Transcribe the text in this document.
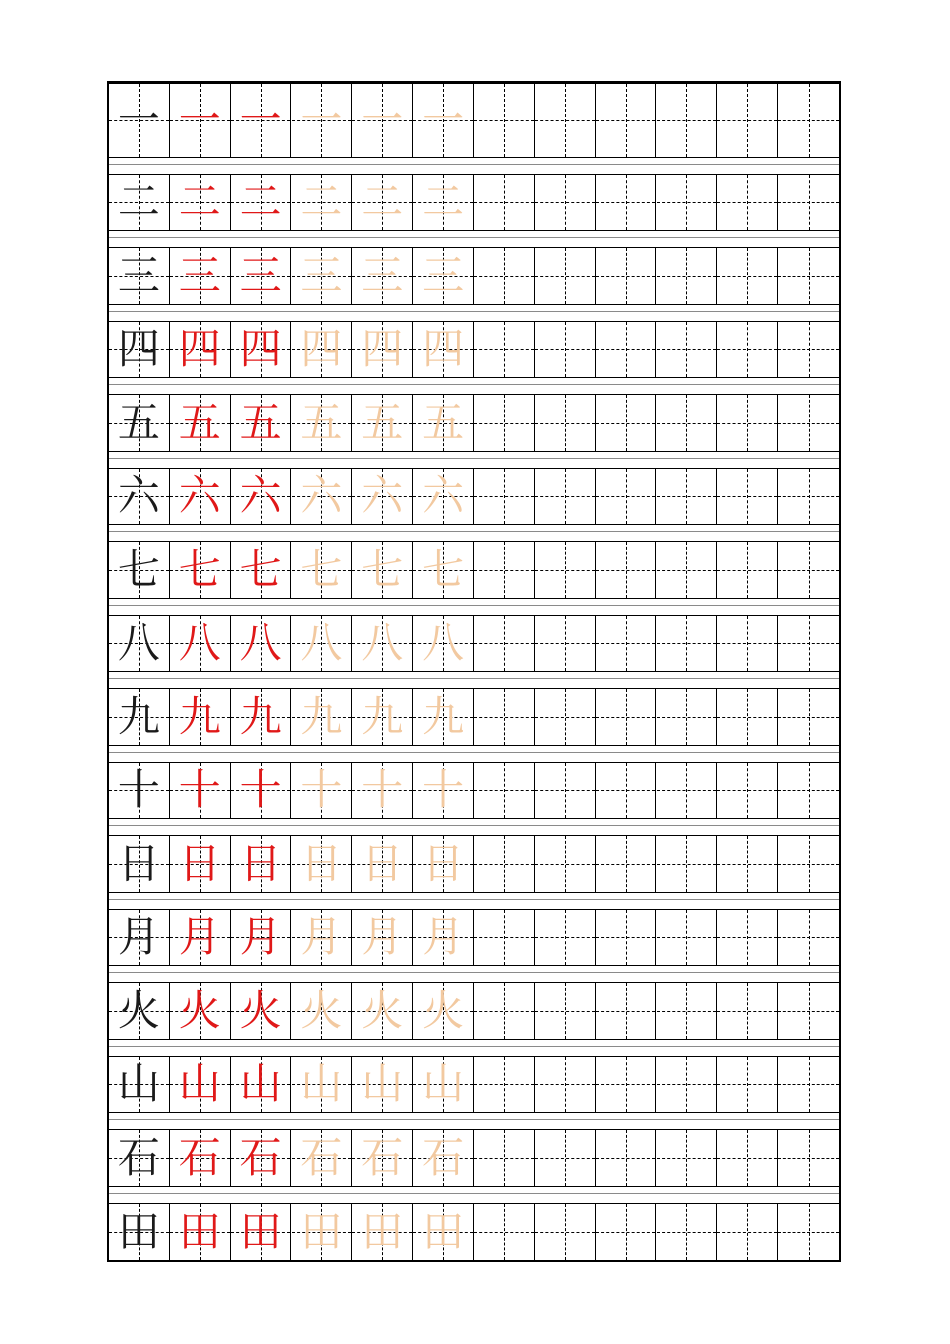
一 一 一 一 一 一
二 二 二 二 二 二
三 三 三 三 三 三
四 四 四 四 四 四
五 五 五 五 五 五
六 六 六 六 六 六
七 七 七 七 七 七
八 八 八 八 八 八
九 九 九 九 九 九
十 十 十 十 十 十
日 日 日 日 日 日
月 月 月 月 月 月
火 火 火 火 火 火
山 山 山 山 山 山
石 石 石 石 石 石
田 田 田 田 田 田
